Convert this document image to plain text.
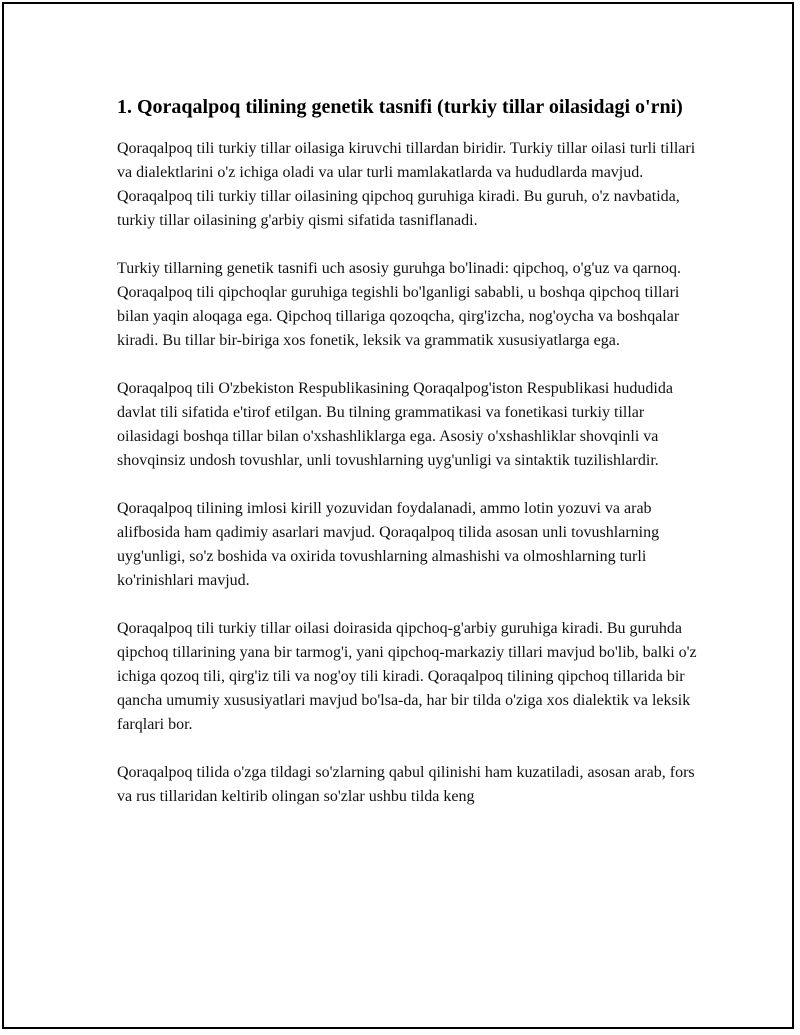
1. Qoraqalpoq tilining genetik tasnifi (turkiy tillar oilasidagi o'rni)

Qoraqalpoq tili turkiy tillar oilasiga kiruvchi tillardan biridir. Turkiy tillar oilasi turli tillari va dialektlarini o'z ichiga oladi va ular turli mamlakatlarda va hududlarda mavjud. Qoraqalpoq tili turkiy tillar oilasining qipchoq guruhiga kiradi. Bu guruh, o'z navbatida, turkiy tillar oilasining g'arbiy qismi sifatida tasniflanadi.

Turkiy tillarning genetik tasnifi uch asosiy guruhga bo'linadi: qipchoq, o'g'uz va qarnoq. Qoraqalpoq tili qipchoqlar guruhiga tegishli bo'lganligi sababli, u boshqa qipchoq tillari bilan yaqin aloqaga ega. Qipchoq tillariga qozoqcha, qirg'izcha, nog'oycha va boshqalar kiradi. Bu tillar bir-biriga xos fonetik, leksik va grammatik xususiyatlarga ega.

Qoraqalpoq tili O'zbekiston Respublikasining Qoraqalpog'iston Respublikasi hududida davlat tili sifatida e'tirof etilgan. Bu tilning grammatikasi va fonetikasi turkiy tillar oilasidagi boshqa tillar bilan o'xshashliklarga ega. Asosiy o'xshashliklar shovqinli va shovqinsiz undosh tovushlar, unli tovushlarning uyg'unligi va sintaktik tuzilishlardir.

Qoraqalpoq tilining imlosi kirill yozuvidan foydalanadi, ammo lotin yozuvi va arab alifbosida ham qadimiy asarlari mavjud. Qoraqalpoq tilida asosan unli tovushlarning uyg'unligi, so'z boshida va oxirida tovushlarning almashishi va olmoshlarning turli ko'rinishlari mavjud.

Qoraqalpoq tili turkiy tillar oilasi doirasida qipchoq-g'arbiy guruhiga kiradi. Bu guruhda qipchoq tillarining yana bir tarmog'i, yani qipchoq-markaziy tillari mavjud bo'lib, balki o'z ichiga qozoq tili, qirg'iz tili va nog'oy tili kiradi. Qoraqalpoq tilining qipchoq tillarida bir qancha umumiy xususiyatlari mavjud bo'lsa-da, har bir tilda o'ziga xos dialektik va leksik farqlari bor.

Qoraqalpoq tilida o'zga tildagi so'zlarning qabul qilinishi ham kuzatiladi, asosan arab, fors va rus tillaridan keltirib olingan so'zlar ushbu tilda keng
